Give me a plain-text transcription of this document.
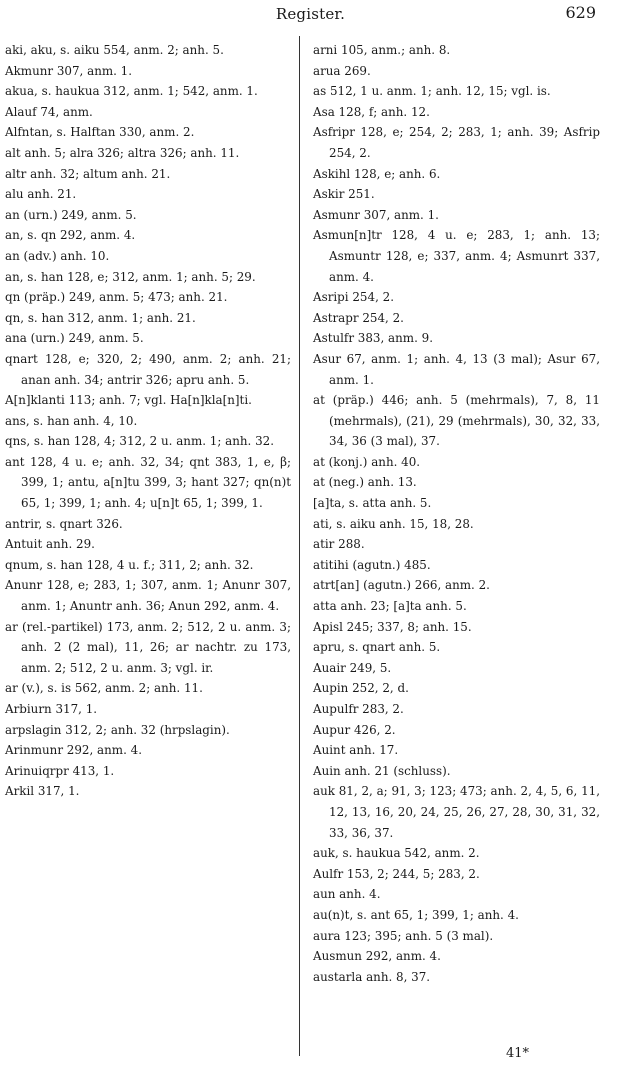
Register.	629
aki, aku, s. aiku 554, anm. 2; anh. 5.
Akmunr 307, anm. 1.
akua, s. haukua 312, anm. 1; 542, anm. 1.
Alauf 74, anm.
Alfntan, s. Halftan 330, anm. 2.
alt anh. 5; alra 326; altra 326; anh. 11.
altr anh. 32; altum anh. 21.
alu anh. 21.
an (urn.) 249, anm. 5.
an, s. qn 292, anm. 4.
an (adv.) anh. 10.
an, s. han 128, e; 312, anm. 1; anh. 5; 29.
qn (präp.) 249, anm. 5; 473; anh. 21.
qn, s. han 312, anm. 1; anh. 21.
ana (urn.) 249, anm. 5.
qnart 128, e; 320, 2; 490, anm. 2; anh. 21; anan anh. 34; antrir 326; apru anh. 5.
A[n]klanti 113; anh. 7; vgl. Ha[n]kla[n]ti.
ans, s. han anh. 4, 10.
qns, s. han 128, 4; 312, 2 u. anm. 1; anh. 32.
ant 128, 4 u. e; anh. 32, 34; qnt 383, 1, e, β; 399, 1; antu, a[n]tu 399, 3; hant 327; qn(n)t 65, 1; 399, 1; anh. 4; u[n]t 65, 1; 399, 1.
antrir, s. qnart 326.
Antuit anh. 29.
qnum, s. han 128, 4 u. f.; 311, 2; anh. 32.
Anunr 128, e; 283, 1; 307, anm. 1; Anunr 307, anm. 1; Anuntr anh. 36; Anun 292, anm. 4.
ar (rel.-partikel) 173, anm. 2; 512, 2 u. anm. 3; anh. 2 (2 mal), 11, 26; ar nachtr. zu 173, anm. 2; 512, 2 u. anm. 3; vgl. ir.
ar (v.), s. is 562, anm. 2; anh. 11.
Arbiurn 317, 1.
arpslagin 312, 2; anh. 32 (hrpslagin).
Arinmunr 292, anm. 4.
Arinuiqrpr 413, 1.
Arkil 317, 1.
arni 105, anm.; anh. 8.
arua 269.
as 512, 1 u. anm. 1; anh. 12, 15; vgl. is.
Asa 128, f; anh. 12.
Asfripr 128, e; 254, 2; 283, 1; anh. 39; Asfrip 254, 2.
Askihl 128, e; anh. 6.
Askir 251.
Asmunr 307, anm. 1.
Asmun[n]tr 128, 4 u. e; 283, 1; anh. 13; Asmuntr 128, e; 337, anm. 4; Asmunrt 337, anm. 4.
Asripi 254, 2.
Astrapr 254, 2.
Astulfr 383, anm. 9.
Asur 67, anm. 1; anh. 4, 13 (3 mal); Asur 67, anm. 1.
at (präp.) 446; anh. 5 (mehrmals), 7, 8, 11 (mehrmals), (21), 29 (mehrmals), 30, 32, 33, 34, 36 (3 mal), 37.
at (konj.) anh. 40.
at (neg.) anh. 13.
[a]ta, s. atta anh. 5.
ati, s. aiku anh. 15, 18, 28.
atir 288.
atitihi (agutn.) 485.
atrt[an] (agutn.) 266, anm. 2.
atta anh. 23; [a]ta anh. 5.
Apisl 245; 337, 8; anh. 15.
apru, s. qnart anh. 5.
Auair 249, 5.
Aupin 252, 2, d.
Aupulfr 283, 2.
Aupur 426, 2.
Auint anh. 17.
Auin anh. 21 (schluss).
auk 81, 2, a; 91, 3; 123; 473; anh. 2, 4, 5, 6, 11, 12, 13, 16, 20, 24, 25, 26, 27, 28, 30, 31, 32, 33, 36, 37.
auk, s. haukua 542, anm. 2.
Aulfr 153, 2; 244, 5; 283, 2.
aun anh. 4.
au(n)t, s. ant 65, 1; 399, 1; anh. 4.
aura 123; 395; anh. 5 (3 mal).
Ausmun 292, anm. 4.
austarla anh. 8, 37.
41*
